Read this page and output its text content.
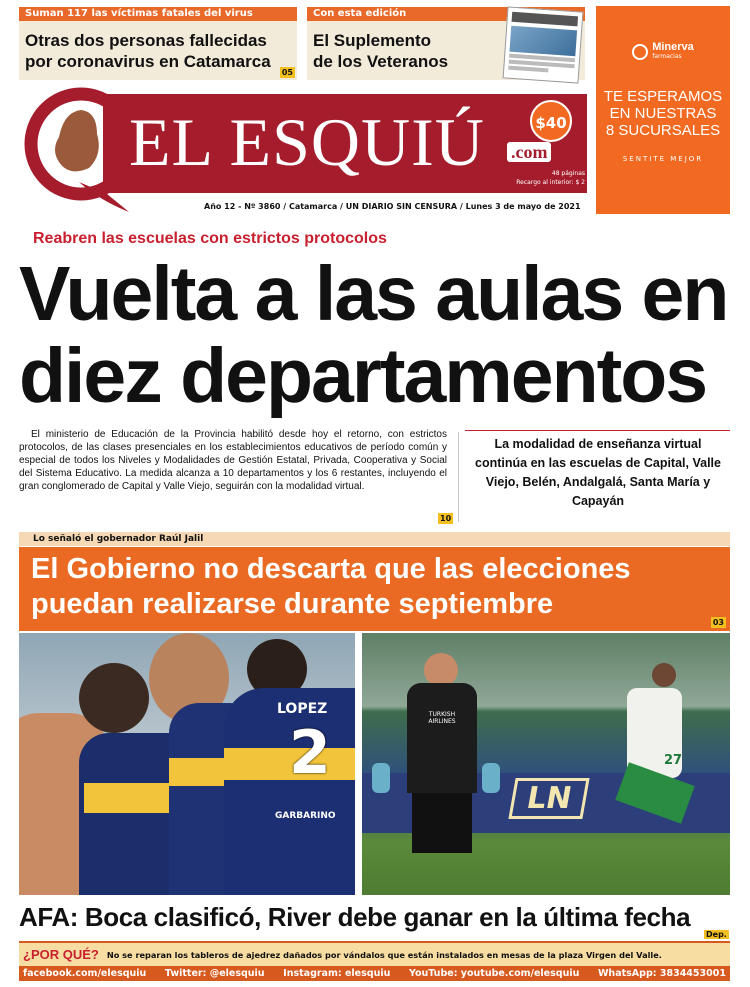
Suman 117 las víctimas fatales del virus
Otras dos personas fallecidas
por coronavirus en Catamarca
05
Con esta edición
El Suplemento
de los Veteranos
Minerva
farmacias
TE ESPERAMOS
EN NUESTRAS
8 SUCURSALES
SENTITE MEJOR
EL ESQUIÚ .com
$40
48 páginas
Recargo al interior: $ 2
Año 12 - Nº 3860 / Catamarca / UN DIARIO SIN CENSURA / Lunes 3 de mayo de 2021
Reabren las escuelas con estrictos protocolos
Vuelta a las aulas en
diez departamentos
El ministerio de Educación de la Provincia habilitó desde hoy el retorno, con estrictos protocolos, de las clases presenciales en los establecimientos educativos de período común y especial de todos los Niveles y Modalidades de Gestión Estatal, Privada, Cooperativa y Social del Sistema Educativo. La medida alcanza a 10 departamentos y los 6 restantes, incluyendo el gran conglomerado de Capital y Valle Viejo, seguirán con la modalidad virtual.
10
La modalidad de enseñanza virtual continúa en las escuelas de Capital, Valle Viejo, Belén, Andalgalá, Santa María y Capayán
Lo señaló el gobernador Raúl Jalil
El Gobierno no descarta que las elecciones
puedan realizarse durante septiembre
03
LOPEZ
2
GARBARINO	LN
TURKISH AIRLINES
27
AFA: Boca clasificó, River debe ganar en la última fecha
Dep.
¿POR QUÉ? No se reparan los tableros de ajedrez dañados por vándalos que están instalados en mesas de la plaza Virgen del Valle.
facebook.com/elesquiu Twitter: @elesquiu Instagram: elesquiu YouTube: youtube.com/elesquiu WhatsApp: 3834453001
